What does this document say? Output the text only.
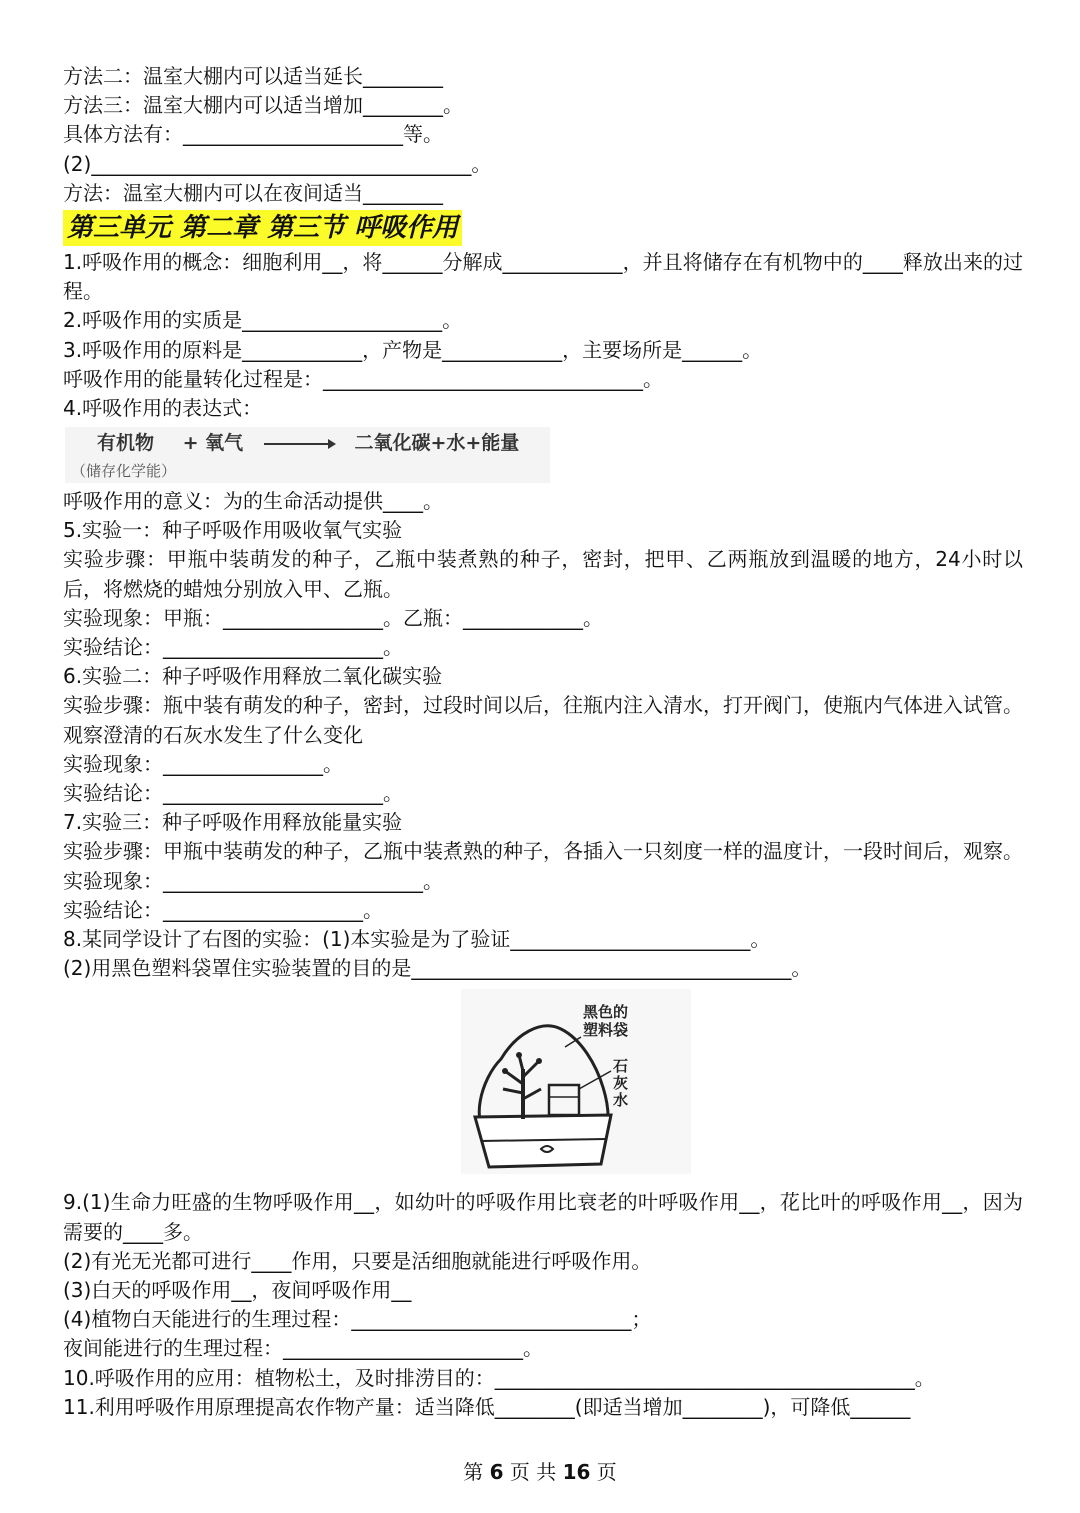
方法二：温室大棚内可以适当延长________
方法三：温室大棚内可以适当增加________。
具体方法有：______________________等。
(2)______________________________________。
方法：温室大棚内可以在夜间适当________
第三单元 第二章 第三节 呼吸作用
1.呼吸作用的概念：细胞利用__，将______分解成____________，并且将储存在有机物中的____释放出来的过程。
2.呼吸作用的实质是____________________。
3.呼吸作用的原料是____________，产物是____________，主要场所是______。
呼吸作用的能量转化过程是：________________________________。
4.呼吸作用的表达式：
有机物 + 氧气	二氧化碳+水+能量
（储存化学能）
呼吸作用的意义：为的生命活动提供____。
5.实验一：种子呼吸作用吸收氧气实验
实验步骤：甲瓶中装萌发的种子，乙瓶中装煮熟的种子，密封，把甲、乙两瓶放到温暖的地方，24小时以后，将燃烧的蜡烛分别放入甲、乙瓶。
实验现象：甲瓶：________________。乙瓶：____________。
实验结论：______________________。
6.实验二：种子呼吸作用释放二氧化碳实验
实验步骤：瓶中装有萌发的种子，密封，过段时间以后，往瓶内注入清水，打开阀门，使瓶内气体进入试管。观察澄清的石灰水发生了什么变化
实验现象：________________。
实验结论：______________________。
7.实验三：种子呼吸作用释放能量实验
实验步骤：甲瓶中装萌发的种子，乙瓶中装煮熟的种子，各插入一只刻度一样的温度计，一段时间后，观察。
实验现象：__________________________。
实验结论：____________________。
8.某同学设计了右图的实验：(1)本实验是为了验证________________________。
(2)用黑色塑料袋罩住实验装置的目的是______________________________________。
黑色的
塑料袋
石
灰
水
9.(1)生命力旺盛的生物呼吸作用__，如幼叶的呼吸作用比衰老的叶呼吸作用__，花比叶的呼吸作用__，因为需要的____多。
(2)有光无光都可进行____作用，只要是活细胞就能进行呼吸作用。
(3)白天的呼吸作用__，夜间呼吸作用__
(4)植物白天能进行的生理过程：____________________________；
夜间能进行的生理过程：________________________。
10.呼吸作用的应用：植物松土，及时排涝目的：__________________________________________。
11.利用呼吸作用原理提高农作物产量：适当降低________(即适当增加________)，可降低______
第 6 页 共 16 页
